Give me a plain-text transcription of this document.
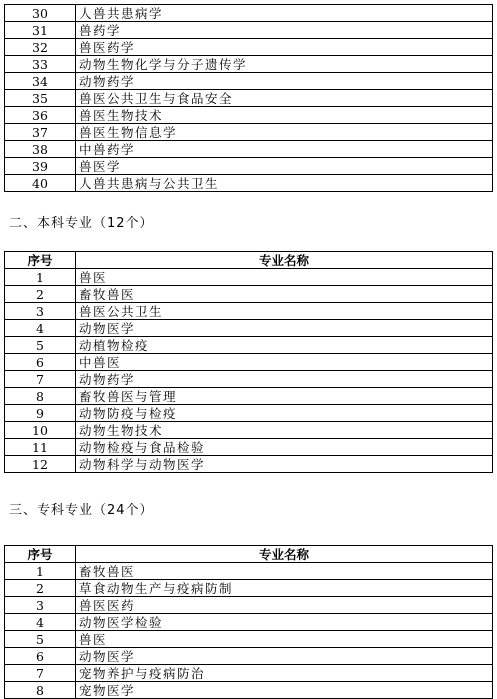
30	人兽共患病学
31	兽药学
32	兽医药学
33	动物生物化学与分子遗传学
34	动物药学
35	兽医公共卫生与食品安全
36	兽医生物技术
37	兽医生物信息学
38	中兽药学
39	兽医学
40	人兽共患病与公共卫生
二、本科专业（12个）
序号	专业名称
1	兽医
2	畜牧兽医
3	兽医公共卫生
4	动物医学
5	动植物检疫
6	中兽医
7	动物药学
8	畜牧兽医与管理
9	动物防疫与检疫
10	动物生物技术
11	动物检疫与食品检验
12	动物科学与动物医学
三、专科专业（24个）
序号	专业名称
1	畜牧兽医
2	草食动物生产与疫病防制
3	兽医医药
4	动物医学检验
5	兽医
6	动物医学
7	宠物养护与疫病防治
8	宠物医学
